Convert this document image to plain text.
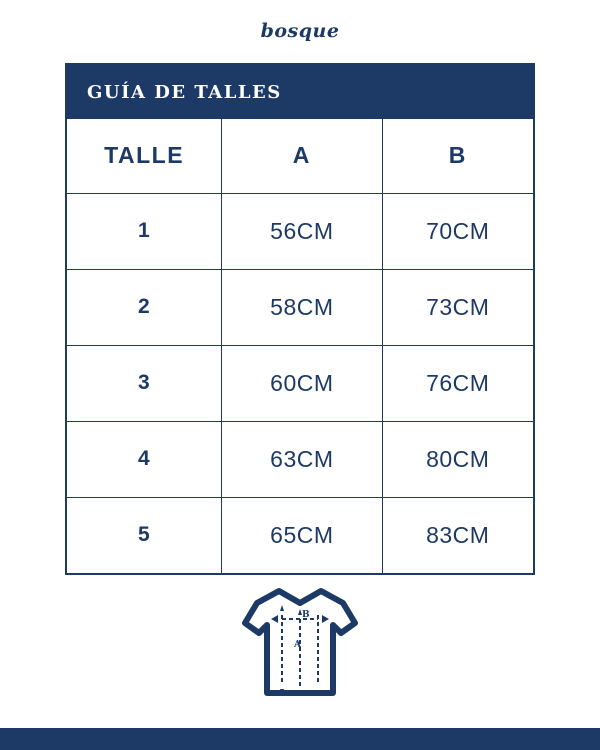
bosque
GUÍA DE TALLES
TALLE	A	B
1	56CM	70CM
2	58CM	73CM
3	60CM	76CM
4	63CM	80CM
5	65CM	83CM
A
B
